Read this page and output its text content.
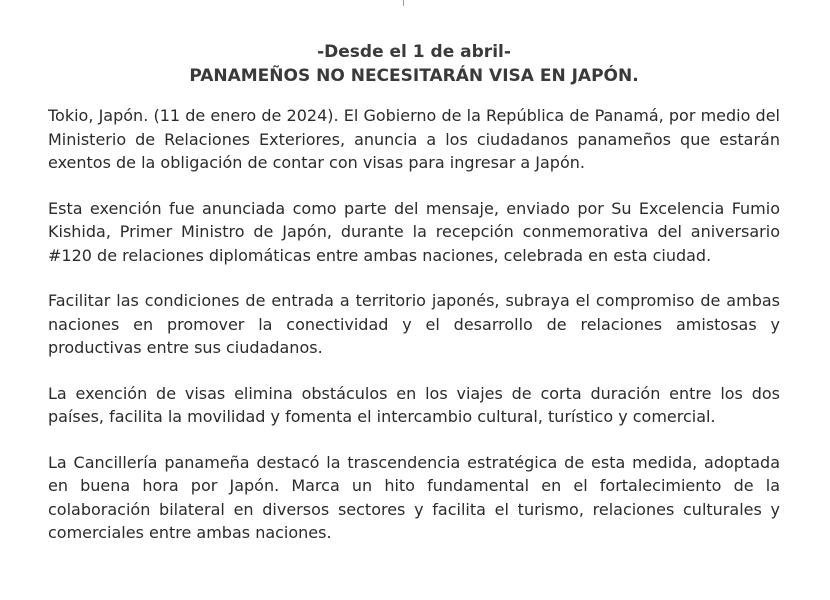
-Desde el 1 de abril-
PANAMEÑOS NO NECESITARÁN VISA EN JAPÓN.

Tokio, Japón. (11 de enero de 2024). El Gobierno de la República de Panamá, por medio del Ministerio de Relaciones Exteriores, anuncia a los ciudadanos panameños que estarán exentos de la obligación de contar con visas para ingresar a Japón.

Esta exención fue anunciada como parte del mensaje, enviado por Su Excelencia Fumio Kishida, Primer Ministro de Japón, durante la recepción conmemorativa del aniversario #120 de relaciones diplomáticas entre ambas naciones, celebrada en esta ciudad.

Facilitar las condiciones de entrada a territorio japonés, subraya el compromiso de ambas naciones en promover la conectividad y el desarrollo de relaciones amistosas y productivas entre sus ciudadanos.

La exención de visas elimina obstáculos en los viajes de corta duración entre los dos países, facilita la movilidad y fomenta el intercambio cultural, turístico y comercial.

La Cancillería panameña destacó la trascendencia estratégica de esta medida, adoptada en buena hora por Japón. Marca un hito fundamental en el fortalecimiento de la colaboración bilateral en diversos sectores y facilita el turismo, relaciones culturales y comerciales entre ambas naciones.
